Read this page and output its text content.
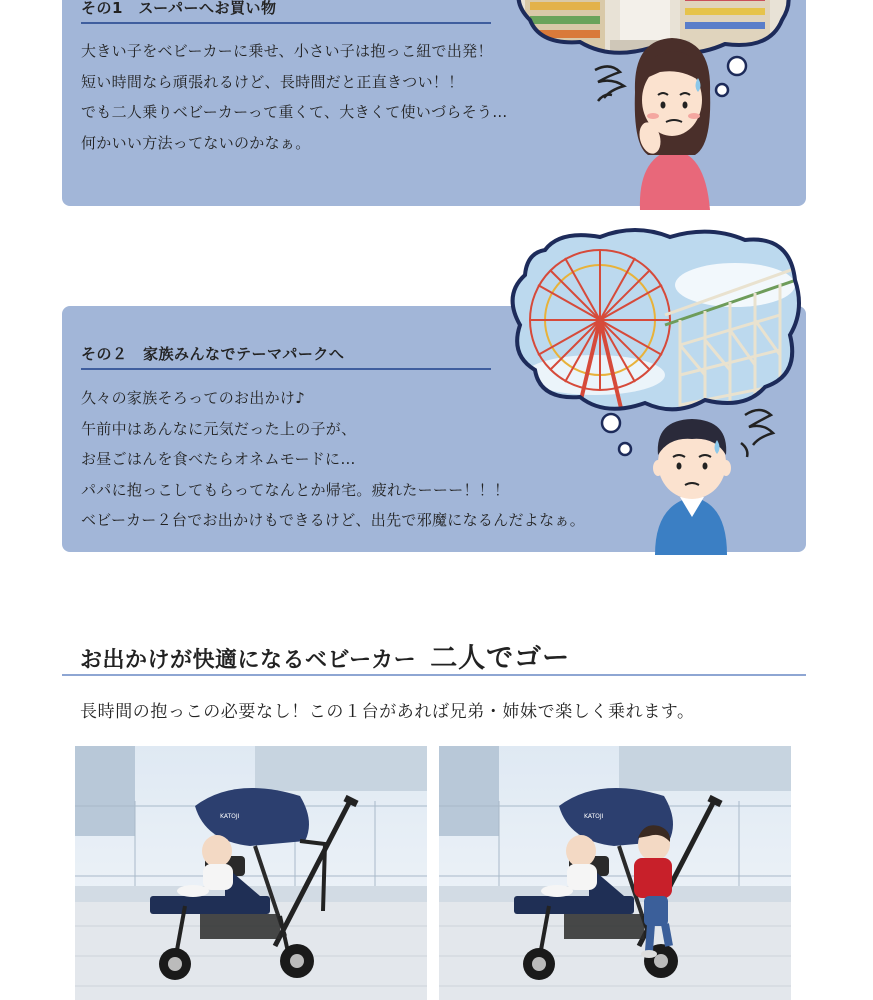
その1　スーパーへお買い物
大きい子をベビーカーに乗せ、小さい子は抱っこ紐で出発！
短い時間なら頑張れるけど、長時間だと正直きつい！！
でも二人乗りベビーカーって重くて、大きくて使いづらそう…
何かいい方法ってないのかなぁ。
その２　家族みんなでテーマパークへ
久々の家族そろってのお出かけ♪
午前中はあんなに元気だった上の子が、
お昼ごはんを食べたらオネムモードに…
パパに抱っこしてもらってなんとか帰宅。疲れたーーー！！！
ベビーカー２台でお出かけもできるけど、出先で邪魔になるんだよなぁ。
お出かけが快適になるベビーカー 二人でゴー
長時間の抱っこの必要なし！この１台があれば兄弟・姉妹で楽しく乗れます。
KATOJI	KATOJI
